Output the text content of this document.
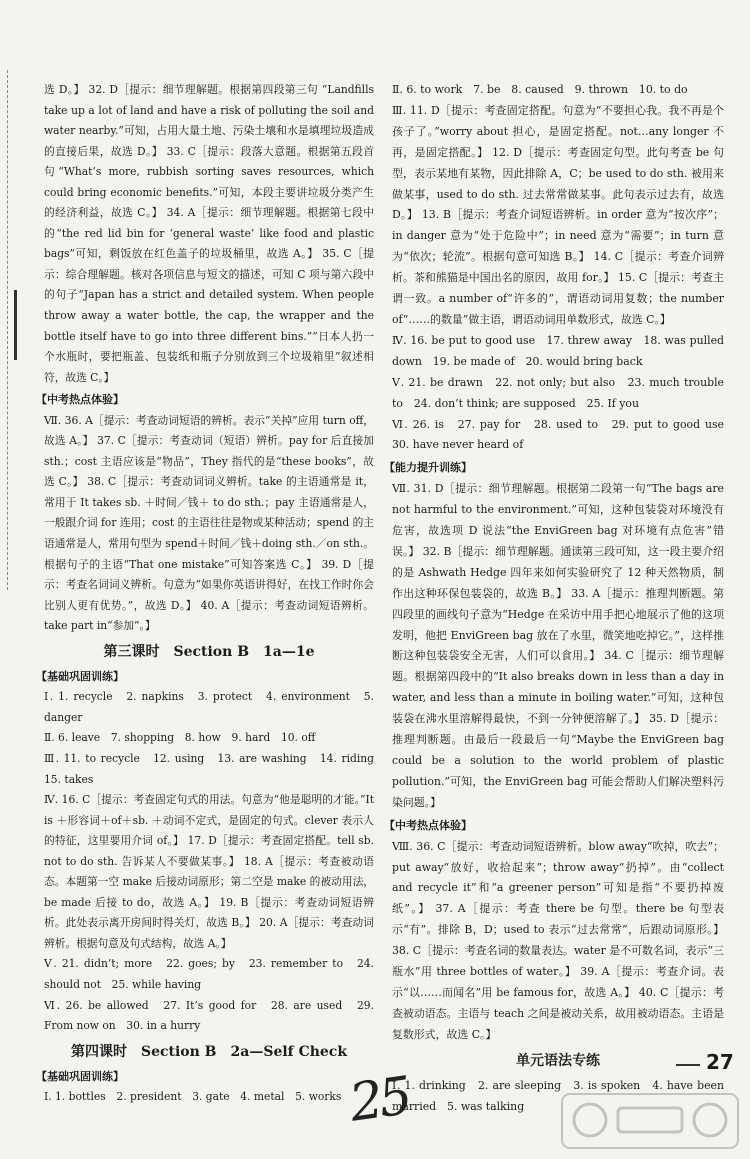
选 D。】 32. D［提示：细节理解题。根据第四段第三句 “Landfills take up a lot of land and have a risk of polluting the soil and water nearby.”可知，占用大量土地、污染土壤和水是填埋垃圾造成的直接后果，故选 D。】 33. C［提示：段落大意题。根据第五段首句“What’s more, rubbish sorting saves resources, which could bring economic benefits.”可知，本段主要讲垃圾分类产生的经济利益，故选 C。】 34. A［提示：细节理解题。根据第七段中的“the red lid bin for ‘general waste’ like food and plastic bags”可知，剩饭放在红色盖子的垃圾桶里，故选 A。】 35. C［提示：综合理解题。核对各项信息与短文的描述，可知 C 项与第六段中的句子“Japan has a strict and detailed system. When people throw away a water bottle, the cap, the wrapper and the bottle itself have to go into three different bins.”“日本人扔一个水瓶时，要把瓶盖、包装纸和瓶子分别放到三个垃圾箱里”叙述相符，故选 C。】

【中考热点体验】

Ⅶ. 36. A［提示：考查动词短语的辨析。表示“关掉”应用 turn off，故选 A。】 37. C［提示：考查动词（短语）辨析。pay for 后直接加 sth.；cost 主语应该是“物品”，They 指代的是“these books”，故选 C。】 38. C［提示：考查动词词义辨析。take 的主语通常是 it，常用于 It takes sb. ＋时间／钱＋ to do sth.；pay 主语通常是人，一般跟介词 for 连用；cost 的主语往往是物或某种活动；spend 的主语通常是人，常用句型为 spend＋时间／钱＋doing sth.／on sth.。根据句子的主语“That one mistake”可知答案选 C。】 39. D［提示：考查名词词义辨析。句意为“如果你英语讲得好，在找工作时你会比别人更有优势。”，故选 D。】 40. A［提示：考查动词短语辨析。take part in“参加”。】

第三课时　Section B　1a—1e

【基础巩固训练】

Ⅰ. 1. recycle　2. napkins　3. protect　4. environment　5. danger

Ⅱ. 6. leave　7. shopping　8. how　9. hard　10. off

Ⅲ. 11. to recycle　12. using　13. are washing　14. riding　15. takes

Ⅳ. 16. C［提示：考查固定句式的用法。句意为“他是聪明的才能。”It is ＋形容词＋of＋sb. ＋动词不定式，是固定的句式。clever 表示人的特征，这里要用介词 of。】 17. D［提示：考查固定搭配。tell sb. not to do sth. 告诉某人不要做某事。】 18. A［提示：考查被动语态。本题第一空 make 后接动词原形；第二空是 make 的被动用法，be made 后接 to do，故选 A。】 19. B［提示：考查动词短语辨析。此处表示离开房间时得关灯，故选 B。】 20. A［提示：考查动词辨析。根据句意及句式结构，故选 A。】

Ⅴ. 21. didn’t; more　22. goes; by　23. remember to　24. should not　25. while having

Ⅵ. 26. be allowed　27. It’s good for　28. are used　29. From now on　30. in a hurry

第四课时　Section B　2a—Self Check

【基础巩固训练】

Ⅰ. 1. bottles　2. president　3. gate　4. metal　5. works

Ⅱ. 6. to work　7. be　8. caused　9. thrown　10. to do

Ⅲ. 11. D［提示：考查固定搭配。句意为“不要担心我。我不再是个孩子了。”worry about 担心，是固定搭配。not…any longer 不再，是固定搭配。】 12. D［提示：考查固定句型。此句考查 be 句型，表示某地有某物，因此排除 A，C；be used to do sth. 被用来做某事，used to do sth. 过去常常做某事。此句表示过去有，故选 D。】 13. B［提示：考查介词短语辨析。in order 意为“按次序”；in danger 意为“处于危险中”；in need 意为“需要”；in turn 意为“依次；轮流”。根据句意可知选 B。】 14. C［提示：考查介词辨析。茶和熊猫是中国出名的原因，故用 for。】 15. C［提示：考查主谓一致。a number of“许多的”，谓语动词用复数；the number of“……的数量”做主语，谓语动词用单数形式，故选 C。】

Ⅳ. 16. be put to good use　17. threw away　18. was pulled down　19. be made of　20. would bring back

Ⅴ. 21. be drawn　22. not only; but also　23. much trouble to　24. don’t think; are supposed　25. If you

Ⅵ. 26. is　27. pay for　28. used to　29. put to good use　30. have never heard of

【能力提升训练】

Ⅶ. 31. D［提示：细节理解题。根据第二段第一句“The bags are not harmful to the environment.”可知，这种包装袋对环境没有危害，故选项 D 说法“the EnviGreen bag 对环境有点危害”错误。】 32. B［提示：细节理解题。通读第三段可知，这一段主要介绍的是 Ashwath Hedge 四年来如何实验研究了 12 种天然物质，制作出这种环保包装袋的，故选 B。】 33. A［提示：推理判断题。第四段里的画线句子意为“Hedge 在采访中用手把心地展示了他的这项发明，他把 EnviGreen bag 放在了水里，微笑地吃掉它。”，这样推断这种包装袋安全无害，人们可以食用。】 34. C［提示：细节理解题。根据第四段中的“It also breaks down in less than a day in water, and less than a minute in boiling water.”可知，这种包装袋在沸水里溶解得最快，不到一分钟便溶解了。】 35. D［提示：推理判断题。由最后一段最后一句“Maybe the EnviGreen bag could be a solution to the world problem of plastic pollution.”可知，the EnviGreen bag 可能会帮助人们解决塑料污染问题。】

【中考热点体验】

Ⅷ. 36. C［提示：考查动词短语辨析。blow away“吹掉，吹去”；put away“放好，收拾起来”；throw away“扔掉”。由“collect and recycle it”和“a greener person”可知是指“不要扔掉废纸”。】 37. A［提示：考查 there be 句型。there be 句型表示“有”。排除 B，D；used to 表示“过去常常”，后跟动词原形。】 38. C［提示：考查名词的数量表达。water 是不可数名词，表示“三瓶水”用 three bottles of water。】 39. A［提示：考查介词。表示“以……而闻名”用 be famous for，故选 A。】 40. C［提示：考查被动语态。主语与 teach 之间是被动关系，故用被动语态。主语是复数形式，故选 C。】

单元语法专练

Ⅰ. 1. drinking　2. are sleeping　3. is spoken　4. have been married　5. was talking

27
25
